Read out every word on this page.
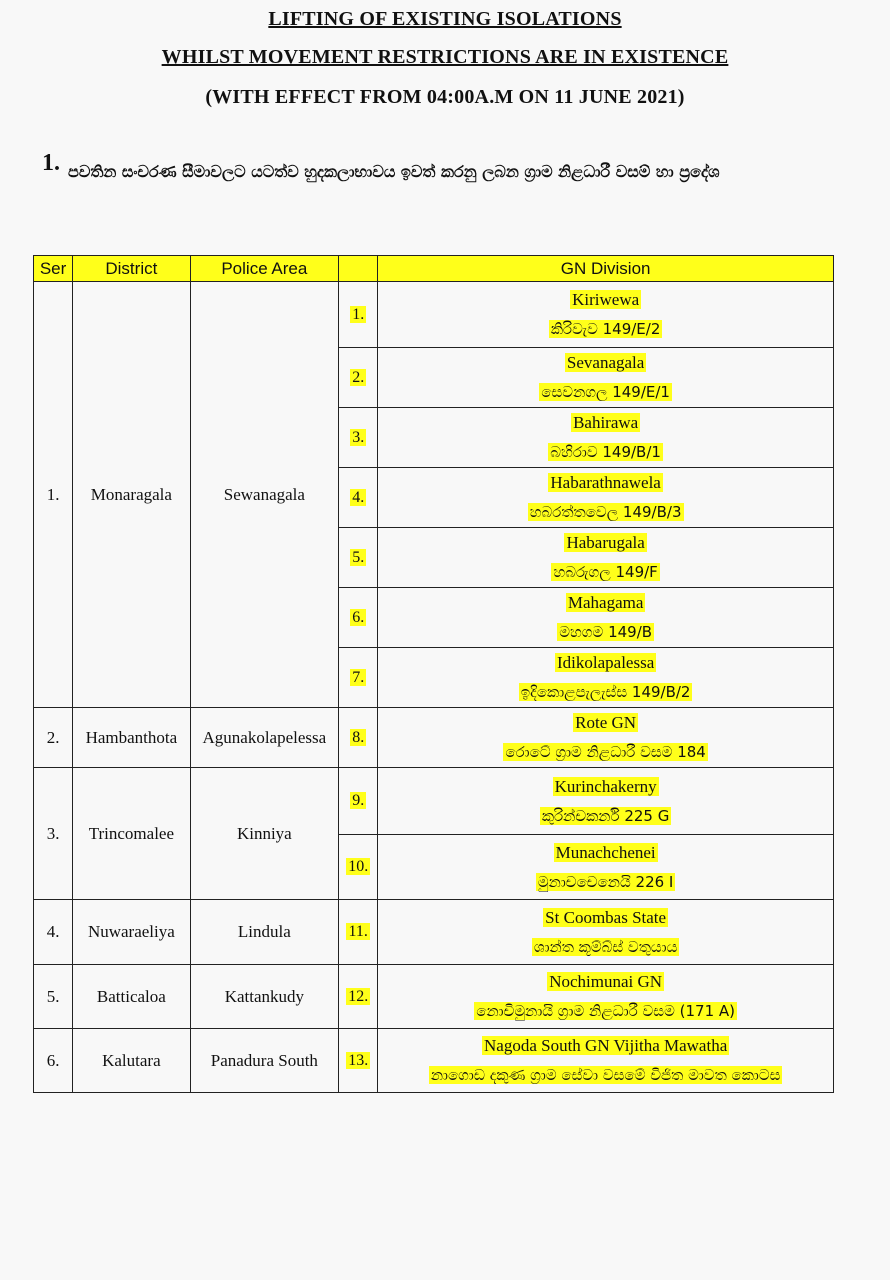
LIFTING OF EXISTING ISOLATIONS
WHILST MOVEMENT RESTRICTIONS ARE IN EXISTENCE
(WITH EFFECT FROM 04:00A.M ON 11 JUNE 2021)
1. පවතින සංචරණ සීමාවලට යටත්ව හුදකලාභාවය ඉවත් කරනු ලබන ග්‍රාම නිළධාරී වසම් හා ප්‍රදේශ
Ser	District	Police Area		GN Division
1.	Monaragala	Sewanagala	1.	Kiriwewa
කිරිවැව 149/E/2

			2.	Sevanagala
සෙවනගල 149/E/1

			3.	Bahirawa
බහිරාව 149/B/1

			4.	Habarathnawela
හබරත්තවෙල 149/B/3

			5.	Habarugala
හබරුගල 149/F

			6.	Mahagama
මහගම 149/B

			7.	Idikolapalessa
ඉදිකොළපැලැස්ස 149/B/2

2.	Hambanthota	Agunakolapelessa	8.	Rote GN
රොටේ ග්‍රාම නිළධාරී වසම 184

3.	Trincomalee	Kinniya	9.	Kurinchakerny
කුරින්චකර්නි 225 G

			10.	Munachchenei
මුනාචචෙනෙයි 226 I

4.	Nuwaraeliya	Lindula	11.	St Coombas State
ශාන්ත කූම්බ්ස් වතුයාය

5.	Batticaloa	Kattankudy	12.	Nochimunai GN
නොචිමුනායි ග්‍රාම නිළධාරී වසම (171 A)

6.	Kalutara	Panadura South	13.	Nagoda South GN Vijitha Mawatha
නාගොඩ දකුණ ග්‍රාම සේවා වසමේ විජිත මාවත කොටස
